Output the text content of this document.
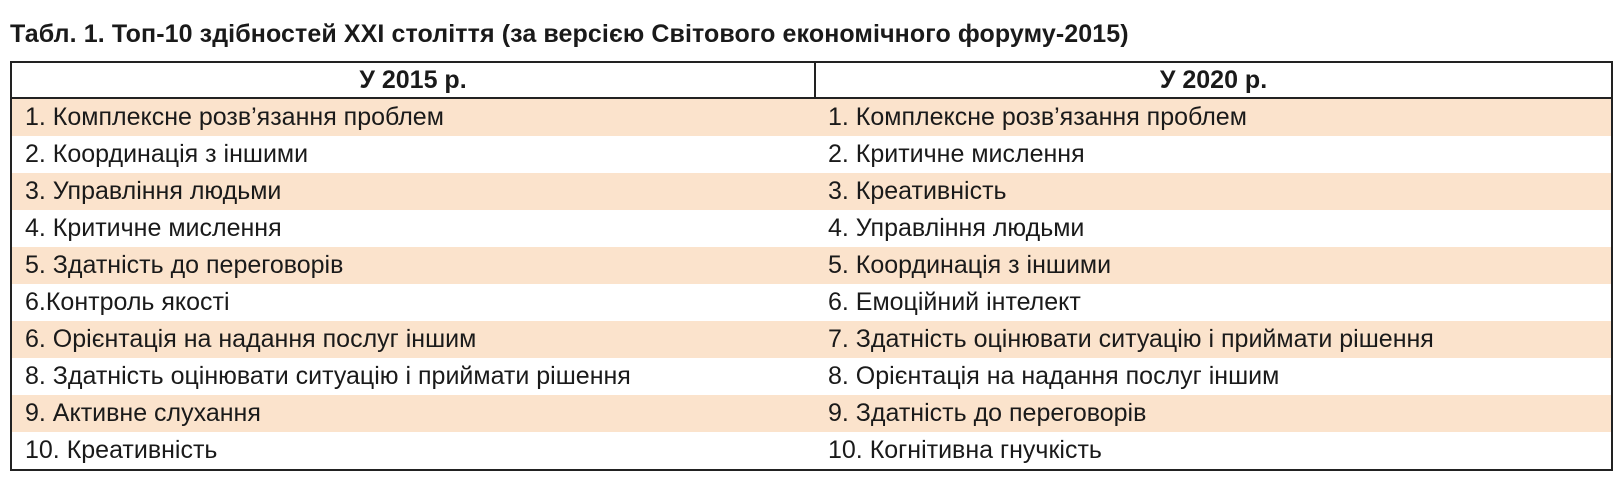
Табл. 1. Топ-10 здібностей XXI століття (за версією Світового економічного форуму-2015)
У 2015 р.	У 2020 р.
1. Комплексне розв’язання проблем	1. Комплексне розв’язання проблем
2. Координація з іншими	2. Критичне мислення
3. Управління людьми	3. Креативність
4. Критичне мислення	4. Управління людьми
5. Здатність до переговорів	5. Координація з іншими
6.Контроль якості	6. Емоційний інтелект
6. Орієнтація на надання послуг іншим	7. Здатність оцінювати ситуацію і приймати рішення
8. Здатність оцінювати ситуацію і приймати рішення	8. Орієнтація на надання послуг іншим
9. Активне слухання	9. Здатність до переговорів
10. Креативність	10. Когнітивна гнучкість
